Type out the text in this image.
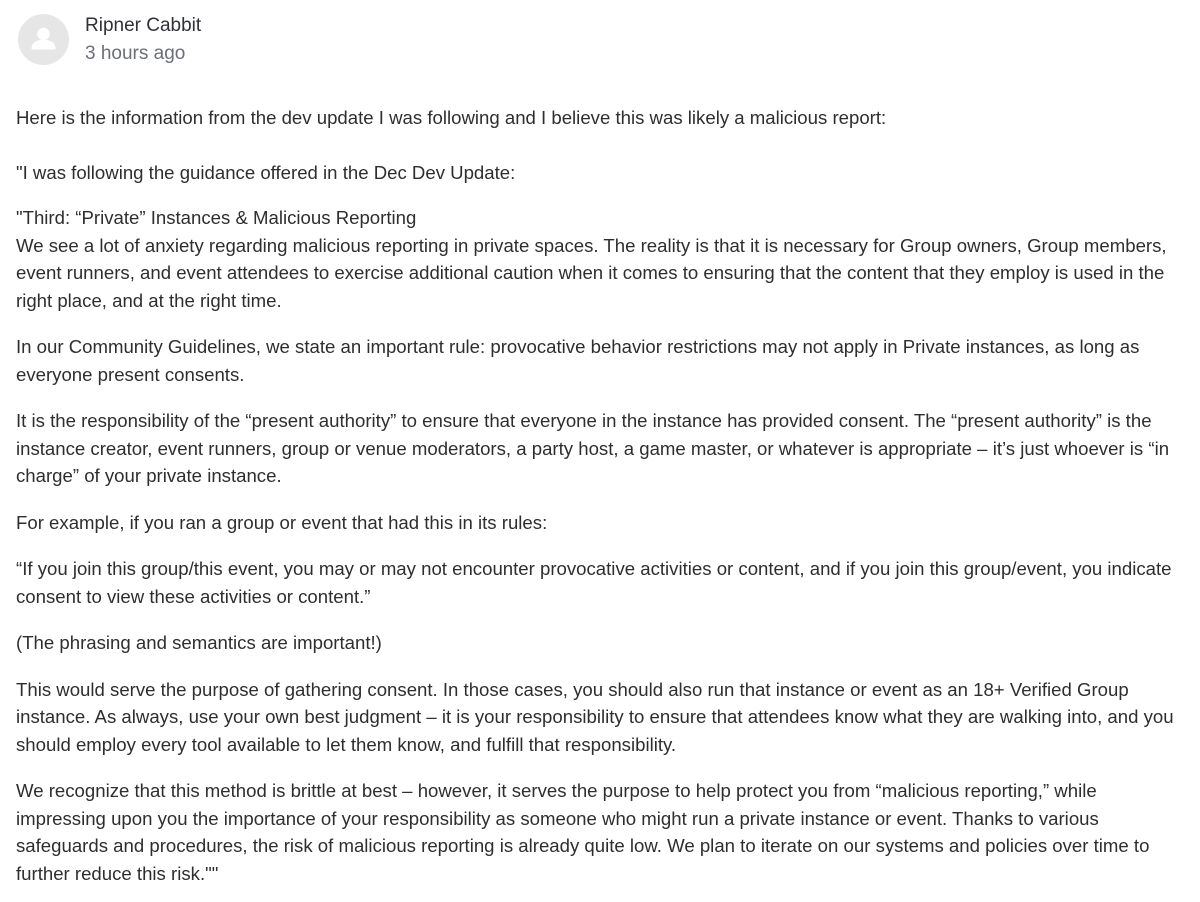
Ripner Cabbit
3 hours ago

Here is the information from the dev update I was following and I believe this was likely a malicious report:

"I was following the guidance offered in the Dec Dev Update:

"Third: “Private” Instances & Malicious Reporting
We see a lot of anxiety regarding malicious reporting in private spaces. The reality is that it is necessary for Group owners, Group members, event runners, and event attendees to exercise additional caution when it comes to ensuring that the content that they employ is used in the right place, and at the right time.

In our Community Guidelines, we state an important rule: provocative behavior restrictions may not apply in Private instances, as long as everyone present consents.

It is the responsibility of the “present authority” to ensure that everyone in the instance has provided consent. The “present authority” is the instance creator, event runners, group or venue moderators, a party host, a game master, or whatever is appropriate – it’s just whoever is “in charge” of your private instance.

For example, if you ran a group or event that had this in its rules:

“If you join this group/this event, you may or may not encounter provocative activities or content, and if you join this group/event, you indicate consent to view these activities or content.”

(The phrasing and semantics are important!)

This would serve the purpose of gathering consent. In those cases, you should also run that instance or event as an 18+ Verified Group instance. As always, use your own best judgment – it is your responsibility to ensure that attendees know what they are walking into, and you should employ every tool available to let them know, and fulfill that responsibility.

We recognize that this method is brittle at best – however, it serves the purpose to help protect you from “malicious reporting,” while impressing upon you the importance of your responsibility as someone who might run a private instance or event. Thanks to various safeguards and procedures, the risk of malicious reporting is already quite low. We plan to iterate on our systems and policies over time to further reduce this risk.""
